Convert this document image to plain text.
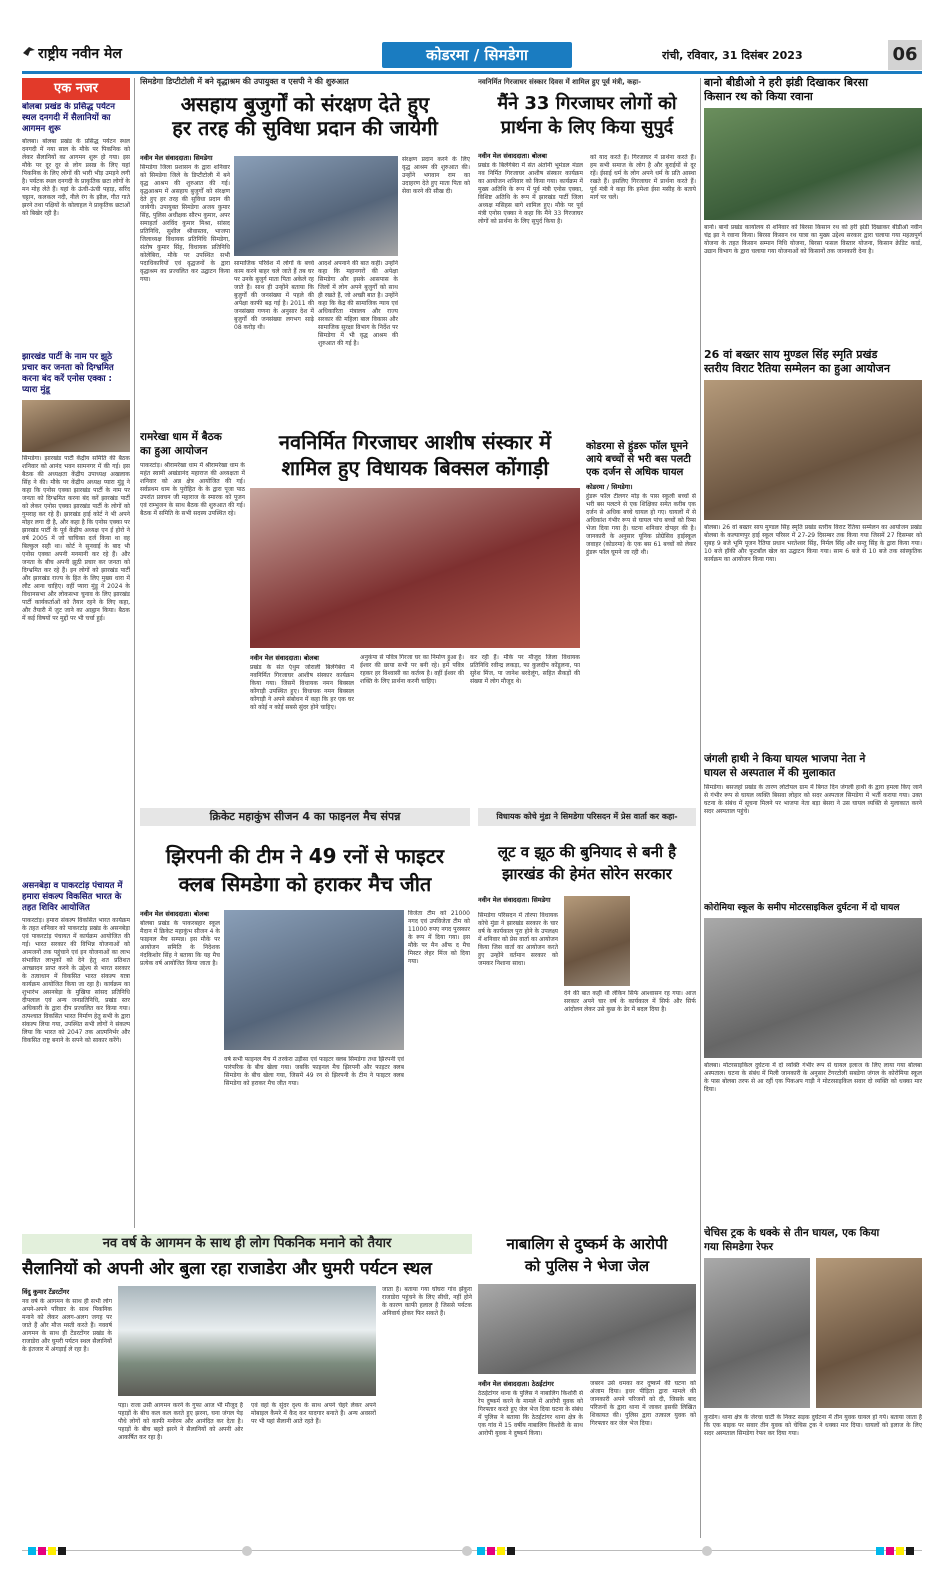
राष्ट्रीय नवीन मेल	कोडरमा / सिमडेगा	रांची, रविवार, 31 दिसंबर 2023	06
एक नजर
बोलबा प्रखंड के प्रसिद्ध पर्यटन स्थल दनगदी में सैलानियों का आगमन शुरू
बोलबा। बोलबा प्रखंड के प्रसिद्ध पर्यटन स्थल दनगदी में नया साल के मौके पर पिकनिक को लेकर सैलानियों का आगमन शुरू हो गया। इस मौके पर दूर दूर से लोग प्रसन्न के लिए यहां पिकनिक के लिए लोगों की भारी भीड़ उमड़ने लगी है। पर्यटक स्थल दनगदी के प्राकृतिक छटा लोगों के मन मोह लेते हैं। यहां के ऊंची-ऊंची पहाड़, सरिंद चट्टान, कलकल नदी, नीले रंग के झील, गीत गाते झरने तथा पक्षियों के कोलाहल ने प्राकृतिक छटाओं को बिखेर रही है।
झारखंड पार्टी के नाम पर झूठे प्रचार कर जनता को दिग्भ्रमित करना बंद करें एनोस एक्का : प्यारा मुंडू
सिमडेगा। झारखंड पार्टी केंद्रीय समिति की बैठक शनिवार को आनंद भवन सामनगर में की गई। इस बैठक की अध्यक्षता केंद्रीय उपाध्यक्ष अखलाक सिंह ने की। मौके पर केंद्रीय अध्यक्ष प्यारा मुंडू ने कहा कि एनोस एक्का झारखंड पार्टी के नाम पर जनता को दिग्भ्रमित करना बंद करें झारखंड पार्टी को लेकर एनोस एक्का झारखंड पार्टी के लोगों को गुमराह कर रहे हैं। झारखंड हाई कोर्ट ने भी अपने मोहर लगा दी है, और कहा है कि एनोस एक्का पर झारखंड पार्टी के पूर्व केंद्रीय अध्यक्ष एन ई होरो ने वर्ष 2005 में जो चाचिका दर्ज किया था वह बिल्कुल सही था। कोर्ट ने सुनवाई के बाद भी एनोस एक्का अपनी मनमानी कर रहे हैं। और जनता के बीच अपनी झूठी प्रचार कर जनता को दिग्भ्रमित कर रहे हैं। इन लोगों को झारखंड पार्टी और झारखंड राज्य के हित के लिए मुख्य धारा में लौट आना चाहिए। वहीं प्यारा मुंडू ने 2024 के विधानसभा और लोकसभा चुनाव के लिए झारखंड पार्टी कार्यकर्ताओं को तैयार रहने के लिए कहा, और तैयारी में जुट जाने का आह्वान किया। बैठक में कई विषयों पर मुद्दों पर भी चर्चा हुई।
असनबेड़ा व पाकरटांड़ पंचायत में हमारा संकल्प विकसित भारत के तहत शिविर आयोजित
पाकरटांड़। हमारा संकल्प विकसित भारत कार्यक्रम के तहत शनिवार को पाकरटांड़ प्रखंड के असनबेड़ा एवं पाकरटांड़ पंचायत में कार्यक्रम आयोजित की गई। भारत सरकार की विभिन्न योजनाओं को आमजनों तक पहुंचाने एवं इन योजनाओं का लाभ संभावित लाभुकों को देने हेतु शत प्रतिशत आच्छादन प्राप्त करने के उद्देश्य से भारत सरकार के तत्वाधान में विकसित भारत संकल्प यात्रा कार्यक्रम आयोजित किया जा रहा है। कार्यक्रम का शुभारंभ असनबेड़ा के मुखिया सांसद प्रतिनिधि दीपलाल एवं अन्य जनप्रतिनिधि, प्रखंड स्तर अधिकारी के द्वारा दीप प्रज्वलित कर किया गया। तत्पश्चात विकसित भारत निर्माण हेतु सभी के द्वारा संकल्प लिया गया, उपस्थित सभी लोगों ने संकल्प लिया कि भारत को 2047 तक आत्मनिर्भर और विकसित राष्ट्र बनाने के सपने को साकार करेंगे।
सिमडेगा डिप्टीटोली में बने वृद्धाश्रम की उपायुक्त व एसपी ने की शुरुआत
असहाय बुजुर्गों को संरक्षण देते हुए
हर तरह की सुविधा प्रदान की जायेगी
नवीन मेल संवाददाता। सिमडेगा
सिमडेगा जिला प्रशासन के द्वारा शनिवार को सिमडेगा जिले के डिप्टीटोली में बने वृद्ध आश्रम की शुरुआत की गई। वृद्धआश्रम में असहाय बुजुर्गों को संरक्षण देते हुए हर तरह की सुविधा प्रदान की जायेगी। उपायुक्त सिमडेगा अजय कुमार सिंह, पुलिस अधीक्षक सौरभ कुमार, अपर समाहर्ता अरविंद कुमार मिश्रा, सांसद प्रतिनिधि, सुशील श्रीवास्तव, भाजपा जिलाध्यक्ष विधायक प्रतिनिधि सिमडेगा, संतोष कुमार सिंह, विधायक प्रतिनिधि कोलेबिरा, मौके पर उपस्थित सभी पदाधिकारियों एवं वृद्धजनों के द्वारा वृद्धाश्रम का प्रज्वलित कर उद्घाटन किया गया।
सामाजिक परिवेश में लोगों के बच्चे काम करने बाहर चले जाते हैं तब घर पर उनके बुजुर्ग माता पिता अकेले रह जाते हैं। साथ ही उन्होंने बताया कि बुजुर्गों की जनसंख्या में पहले की अपेक्षा काफी बढ़ गई है। 2011 की जनसंख्या गणना के अनुसार देश में बुजुर्गों की जनसंख्या लगभग साढ़े 08 करोड़ थी।
आदर्श अपनाने की बात कही। उन्होंने कहा कि महानगरों की अपेक्षा सिमडेगा और इसके आसपास के जिलों में लोग अपने बुजुर्गों को साथ ही रखते हैं, जो अच्छी बात है। उन्होंने कहा कि केंद्र की सामाजिक न्याय एवं अधिकारिता मंत्रालय और राज्य सरकार की महिला बाल विकास और सामाजिक सुरक्षा विभाग के निर्देश पर सिमडेगा में भी वृद्ध आश्रम की शुरुआत की गई है।
संरक्षण प्रदान करने के लिए वृद्ध आश्रम की शुरुआत की। उन्होंने भगवान राम का उदाहरण देते हुए माता पिता को सेवा करने की सीख दी।
नवनिर्मित गिरजाघर संस्कार दिवस में शामिल हुए पूर्व मंत्री, कहा-
मैंने 33 गिरजाघर लोगों को
प्रार्थना के लिए किया सुपुर्द
नवीन मेल संवाददाता। बोलबा
प्रखंड के बिलेंगेबेरा में संत अंतोनी भूमंडल मंडल नव निर्मित गिरजाघर आशीष संस्कार कार्यक्रम का आयोजन शनिवार को किया गया। कार्यक्रम में मुख्य अतिथि के रूप में पूर्व मंत्री एनोस एक्का, विशिष्ट अतिथि के रूप में झारखंड पार्टी जिला अध्यक्ष मसिहस बागे शामिल हुए। मौके पर पूर्व मंत्री एनोस एक्का ने कहा कि मैंने 33 गिरजाघर लोगों को प्रार्थना के लिए सुपुर्द किया है।
को याद करते हैं। गिरजाघर में प्रार्थना करते हैं। हम सभी समाज के लोग है और बुराईयों से दूर रहें। ईसाई धर्म के लोग अपने धर्म के प्रति आस्था रखते हैं। इसलिए गिरजाघर में प्रार्थना करते हैं। पूर्व मंत्री ने कहा कि हमेशा ईसा मसीह के बताये मार्ग पर चलें।
बानो बीडीओ ने हरी झंडी दिखाकर बिरसा
किसान रथ को किया रवाना
बानो। बानो प्रखंड कार्यालय से शनिवार को बिरसा किसान रथ को हरी झंडी दिखाकर बीडीओ नवीन चंद्र झा ने रवाना किया। बिरसा किसान रथ यात्रा का मुख्य उद्देश्य सरकार द्वारा चलाया गया महत्वपूर्ण योजना के तहत किसान सम्मान निधि योजना, बिरसा फसल विस्तार योजना, किसान क्रेडिट कार्ड, उद्यान विभाग के द्वारा चलाया गया योजनाओं को किसानों तक जानकारी देना है।
26 वां बख्तर साय मुण्डल सिंह स्मृति प्रखंड
स्तरीय विराट रैतिया सम्मेलन का हुआ आयोजन
बोलबा। 26 वां बख्तर साय मुण्डल सिंह स्मृति प्रखंड स्तरीय विराट रैतिया सम्मेलन का आयोजन प्रखंड बोलबा के कल्याणपुर हाई स्कूल परिसर में 27-29 दिसम्बर तक किया गया जिसमें 27 दिसम्बर को सुबह 9 बजे भूमि पूजन रैतिया प्रधान भरतेश्वर सिंह, निर्मल सिंह और सन्तु सिंह के द्वारा किया गया। 10 बजे हॉकी और फुटबॉल खेल का उद्घाटन किया गया। साम 6 बजे से 10 बजे तक सांस्कृतिक कार्यक्रम का आयोजन किया गया।
रामरेखा धाम में बैठक
का हुआ आयोजन
पाकरटांड़। श्रीरामरेखा धाम में श्रीरामरेखा धाम के महंत स्वामी अखंडानंद महाराज की अध्यक्षता में शनिवार को अन्न क्षेत्र आयोजित की गई। सर्वप्रथम धाम के पुरोहित के के द्वारा पूजा पाठ उपरांत प्रवचन जी महाराज के स्मारक को पूजन एवं राम्भुजन के साथ बैठक की शुरुआत की गई। बैठक में समिति के सभी सदस्य उपस्थित रहे।
नवनिर्मित गिरजाघर आशीष संस्कार में
शामिल हुए विधायक बिक्सल कोंगाड़ी
नवीन मेल संवाददाता। बोलबा
प्रखंड के संत एंथुम जोराली बिलेंगेबेरा में नवनिर्मित गिरजाघर आशीष संस्कार कार्यक्रम किया गया। जिसमें विधायक नमन बिक्सल कोंगाड़ी उपस्थित हुए। विधायक नमन बिक्सल कोंगाड़ी ने अपने संबोधन में कहा कि हर एक घर को कोई न कोई सबसे सुंदर होने चाहिए।
अनुकंपा से पवित्र गिरजा घर का निर्माण हुआ है। ईश्वर की छाया सभी पर बनी रहे। हमें पवित्र रहकर हर विश्वासी का कर्तव्य है। वहीं ईश्वर की शक्ति के लिए प्रार्थना करनी चाहिए।
कर रही हैं। मौके पर मौजूद जिला विधायक प्रतिनिधि रवीन्द्र लकड़ा, फा कुलदीप कोंडूलना, फा सुरेश मिंज, पा जानेश बरदेलूंग, सहित सैकड़ों की संख्या में लोग मौजूद थे।
कोडरमा से हुंडरू फॉल घूमने
आये बच्चों से भरी बस पलटी
एक दर्जन से अधिक घायल
कोडरमा / सिमडेगा।
हुंडरू फॉल टीलगर मोड़ के पास स्कूली बच्चों से भरी बस पलटने से एक शिक्षिका समेत करीब एक दर्जन से अधिक बच्चे घायल हो गए। घायलों में से अधिकांश गंभीर रूप से घायल पांच बच्चों को रिम्स भेजा दिया गया है। घटना शनिवार दोपहर की है। जानकारी के अनुसार यूनिक प्रोग्रेसिव हाईस्कूल जवाहर (कोडरमा) के एक बस 61 बच्चों को लेकर हुंडरू फॉल घूमने जा रही थी।
जंगली हाथी ने किया घायल भाजपा नेता ने
घायल से अस्पताल में की मुलाकात
सिमडेगा। बसजहां प्रखंड के तारण लोटोयल ग्राम में बिगत दिन जंगली हाथी के द्वारा हमला किए जाने से गंभीर रूप से घायल व्यक्ति बिसवा लोहार को सदर अस्पताल सिमडेगा में भर्ती कराया गया। उक्त घटना के संबंध में सूचना मिलने पर भाजपा नेता बड़ा बेसरा ने उस घायल व्यक्ति से मुलाकात करने सदर अस्पताल पहुंचे।
कोरोमिया स्कूल के समीप मोटरसाइकिल दुर्घटना में दो घायल
बोलबा। मोटरसाइकिल दुर्घटना में दो व्यक्ति गंभीर रूप से घायल इलाज के लिए लाया गया बोलबा अस्पताल। घटना के संबंध में मिली जानकारी के अनुसार टेंगरटोली सबडेगा जंगल के कोरोमिया स्कूल के पास बोलबा तरफ से आ रहीं एक पिकअप गाड़ी ने मोटरसाइकिल सवार दो व्यक्ति को धक्का मार दिया।
क्रिकेट महाकुंभ सीजन 4 का फाइनल मैच संपन्न
झिरपनी की टीम ने 49 रनों से फाइटर
क्लब सिमडेगा को हराकर मैच जीत
नवीन मेल संवाददाता। बोलबा
बोलबा प्रखंड के पाकरबहार स्कूल मैदान में क्रिकेट महाकुंभ सीजन 4 के फाइनल मैच सम्पन्न। इस मौके पर आयोजन समिति के निदेशक नंदकिशोर सिंह ने बताया कि यह मैच प्रत्येक वर्ष आयोजित किया जाता है।
वर्ष सभी फाइनल मैच में तरकेरा उड़ीसा एवं फाइटर क्लब सिमडेगा तथा झिरपनी एवं पारंपरिक के बीच खेला गया। जबकि फाइनल मैच झिरपनी और फाइटर क्लब सिमडेगा के बीच खेला गया, जिसमें 49 रन से झिरपनी के टीम ने फाइटर क्लब सिमडेगा को हराकर मैच जीत गया।
विजेता टीम को 21000 नगद एवं उपविजेता टीम को 11000 रुपए नगद पुरस्कार के रूप में दिया गया। इस मौके पर मैन ऑफ द मैच मिस्टर लेहर मिंज को दिया गया।
विधायक कोचे मुंडा ने सिमडेगा परिसदन में प्रेस वार्ता कर कहा-
लूट व झूठ की बुनियाद से बनी है
झारखंड की हेमंत सोरेन सरकार
नवीन मेल संवाददाता। सिमडेगा
सिमडेगा परिसदन में तोरपा विधायक कोचे मुंडा ने झारखंड सरकार के चार वर्ष के कार्यकाल पूरा होने के उपलक्ष्य में शनिवार को प्रेस वार्ता का आयोजन किया जिस वार्ता का आयोजन करते हुए उन्होंने वर्तमान सरकार को जमकर निशाना साधा।
देने की बात कही थी लेकिन सिर्फ आश्वासन रह गया। आज सरकार अपने चार वर्ष के कार्यकाल में सिर्फ और सिर्फ आंदोलन लेकर उसे कुछ के ढेर में बदल दिया है।
नव वर्ष के आगमन के साथ ही लोग पिकनिक मनाने को तैयार
सैलानियों को अपनी ओर बुला रहा राजाडेरा और घुमरी पर्यटन स्थल
विंदु कुमार टेंडरटोंगर
नव वर्ष के आगमन के साथ ही सभी लोग अपने-अपने परिवार के साथ पिकनिक मनाने को लेकर अलग-अलग जगह पर जाते हैं और मौज मस्ती करते हैं। नववर्ष आगमन के साथ ही टेंडरटोंगर प्रखंड के राजाडेरा और घुमरी पर्यटन स्थल सैलानियों के इंतजार में अंगड़ाई ले रहा है।
पड़ा। राजा उसी आगमन करने के गुफा आज भी मौजूद है पहाड़ों के बीच कल कल करते हुए झरना, घना जंगल पेड़ पौधे लोगों को काफी मनोरम और आनंदित कर देता है। पहाड़ों के बीच बहते झरने ने सैलानियों को अपनी ओर आकर्षित कर रहा है।
एवं वहां के सुंदर दृश्य के साथ अपने चेहरे लेकर अपने मोबाइल कैमरे में कैद कर यादगार बनाते हैं। अन्य अवसरों पर भी यहां सैलानी आते रहते हैं।
जाता है। बताया गया घोघरा गांव झेंकुरा राजाडेरा पहुंचने के लिए सीधी, नहीं होने के कारण काफी हलाल है जिससे पर्यटक अनिवार्य होकर फिर सकते हैं।
नाबालिग से दुष्कर्म के आरोपी
को पुलिस ने भेजा जेल
नवीन मेल संवाददाता। ठेठईटांगर
ठेठईटांगर थाना के पुलिस ने नाबालिग किशोरी से रेप दुष्कर्म करने के मामले में आरोपी युवक को गिरफ्तार करते हुए जेल भेज दिया घटना के संबंध में पुलिस ने बताया कि ठेठईटांगर थाना क्षेत्र के एक गांव में 15 वर्षीय नाबालिग किशोरी के साथ आरोपी युवक ने दुष्कर्म किया।
जबरन उसे धमका कर दुष्कर्म की घटना को अंजाम दिया। इधर पीड़िता द्वारा मामले की जानकारी अपने परिजनों को दी, जिसके बाद परिजनों के द्वारा थाना में जाकर इसकी लिखित शिकायत की। पुलिस द्वारा तत्काल युवक को गिरफ्तार कर जेल भेज दिया।
चेचिस ट्रक के धक्के से तीन घायल, एक किया
गया सिमडेगा रेफर
कुरडेग। थाना क्षेत्र के जेरचा घाटी के निकट सड़क दुर्घटना में तीन युवक घायल हो गये। बताया जाता है कि एक बाइक पर सवार तीन युवक को चेचिस ट्रक ने धक्का मार दिया। घायलों को इलाज के लिए सदर अस्पताल सिमडेगा रेफर कर दिया गया।
